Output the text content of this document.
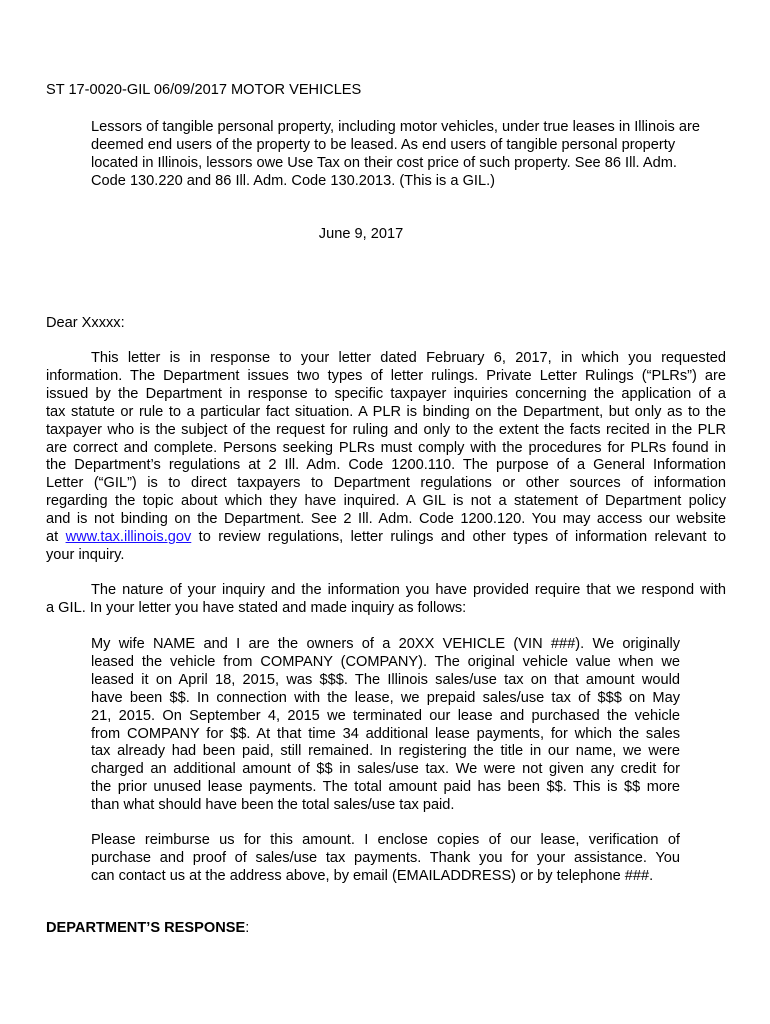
ST 17-0020-GIL 06/09/2017 MOTOR VEHICLES
Lessors of tangible personal property, including motor vehicles, under true leases in Illinois are
deemed end users of the property to be leased. As end users of tangible personal property
located in Illinois, lessors owe Use Tax on their cost price of such property. See 86 Ill. Adm.
Code 130.220 and 86 Ill. Adm. Code 130.2013. (This is a GIL.)
June 9, 2017
Dear Xxxxx:
This letter is in response to your letter dated February 6, 2017, in which you requested
information. The Department issues two types of letter rulings. Private Letter Rulings (“PLRs”) are
issued by the Department in response to specific taxpayer inquiries concerning the application of a
tax statute or rule to a particular fact situation. A PLR is binding on the Department, but only as to the
taxpayer who is the subject of the request for ruling and only to the extent the facts recited in the PLR
are correct and complete. Persons seeking PLRs must comply with the procedures for PLRs found in
the Department’s regulations at 2 Ill. Adm. Code 1200.110. The purpose of a General Information
Letter (“GIL”) is to direct taxpayers to Department regulations or other sources of information
regarding the topic about which they have inquired. A GIL is not a statement of Department policy
and is not binding on the Department. See 2 Ill. Adm. Code 1200.120. You may access our website
at www.tax.illinois.gov to review regulations, letter rulings and other types of information relevant to
your inquiry.
The nature of your inquiry and the information you have provided require that we respond with
a GIL. In your letter you have stated and made inquiry as follows:
My wife NAME and I are the owners of a 20XX VEHICLE (VIN ###). We originally
leased the vehicle from COMPANY (COMPANY). The original vehicle value when we
leased it on April 18, 2015, was $$$. The Illinois sales/use tax on that amount would
have been $$. In connection with the lease, we prepaid sales/use tax of $$$ on May
21, 2015. On September 4, 2015 we terminated our lease and purchased the vehicle
from COMPANY for $$. At that time 34 additional lease payments, for which the sales
tax already had been paid, still remained. In registering the title in our name, we were
charged an additional amount of $$ in sales/use tax. We were not given any credit for
the prior unused lease payments. The total amount paid has been $$. This is $$ more
than what should have been the total sales/use tax paid.
Please reimburse us for this amount. I enclose copies of our lease, verification of
purchase and proof of sales/use tax payments. Thank you for your assistance. You
can contact us at the address above, by email (EMAILADDRESS) or by telephone ###.
DEPARTMENT’S RESPONSE:
